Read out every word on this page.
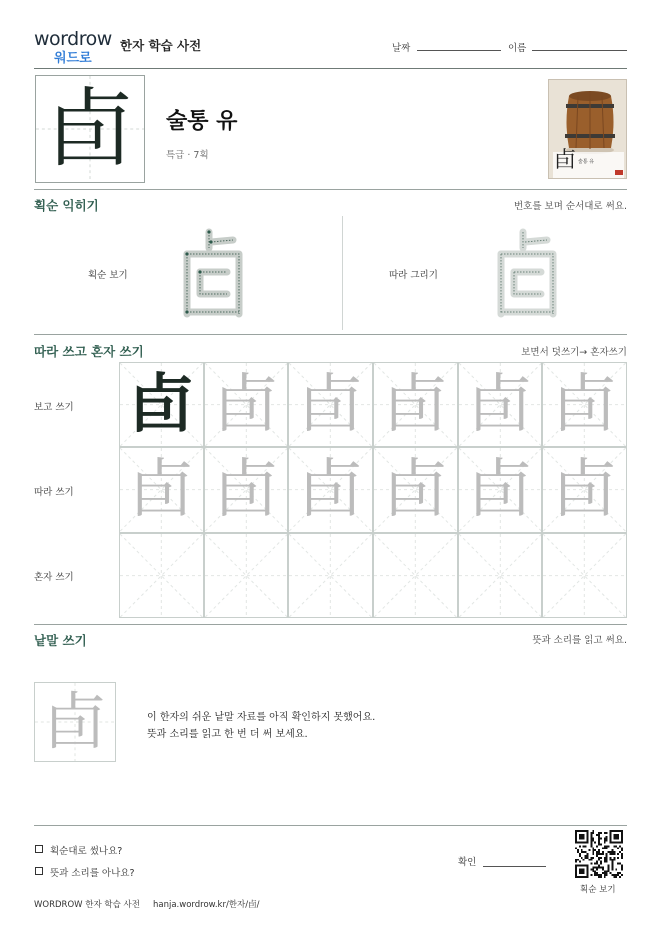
wordrow
워드로
한자 학습 사전	날짜	이름
卣	술통 유
특급 · 7획	卣 술통 유
획순 익히기	번호를 보며 순서대로 써요.
획순 보기	따라 그리기
따라 쓰고 혼자 쓰기	보면서 덧쓰기→ 혼자쓰기
보고 쓰기
따라 쓰기
혼자 쓰기
卣 卣 卣 卣 卣 卣
卣 卣 卣 卣 卣 卣
낱말 쓰기	뜻과 소리를 읽고 써요.
卣	이 한자의 쉬운 낱말 자료를 아직 확인하지 못했어요.
뜻과 소리를 읽고 한 번 더 써 보세요.
획순대로 썼나요?
뜻과 소리를 아나요?
확인
획순 보기
WORDROW 한자 학습 사전 hanja.wordrow.kr/한자/卣/
